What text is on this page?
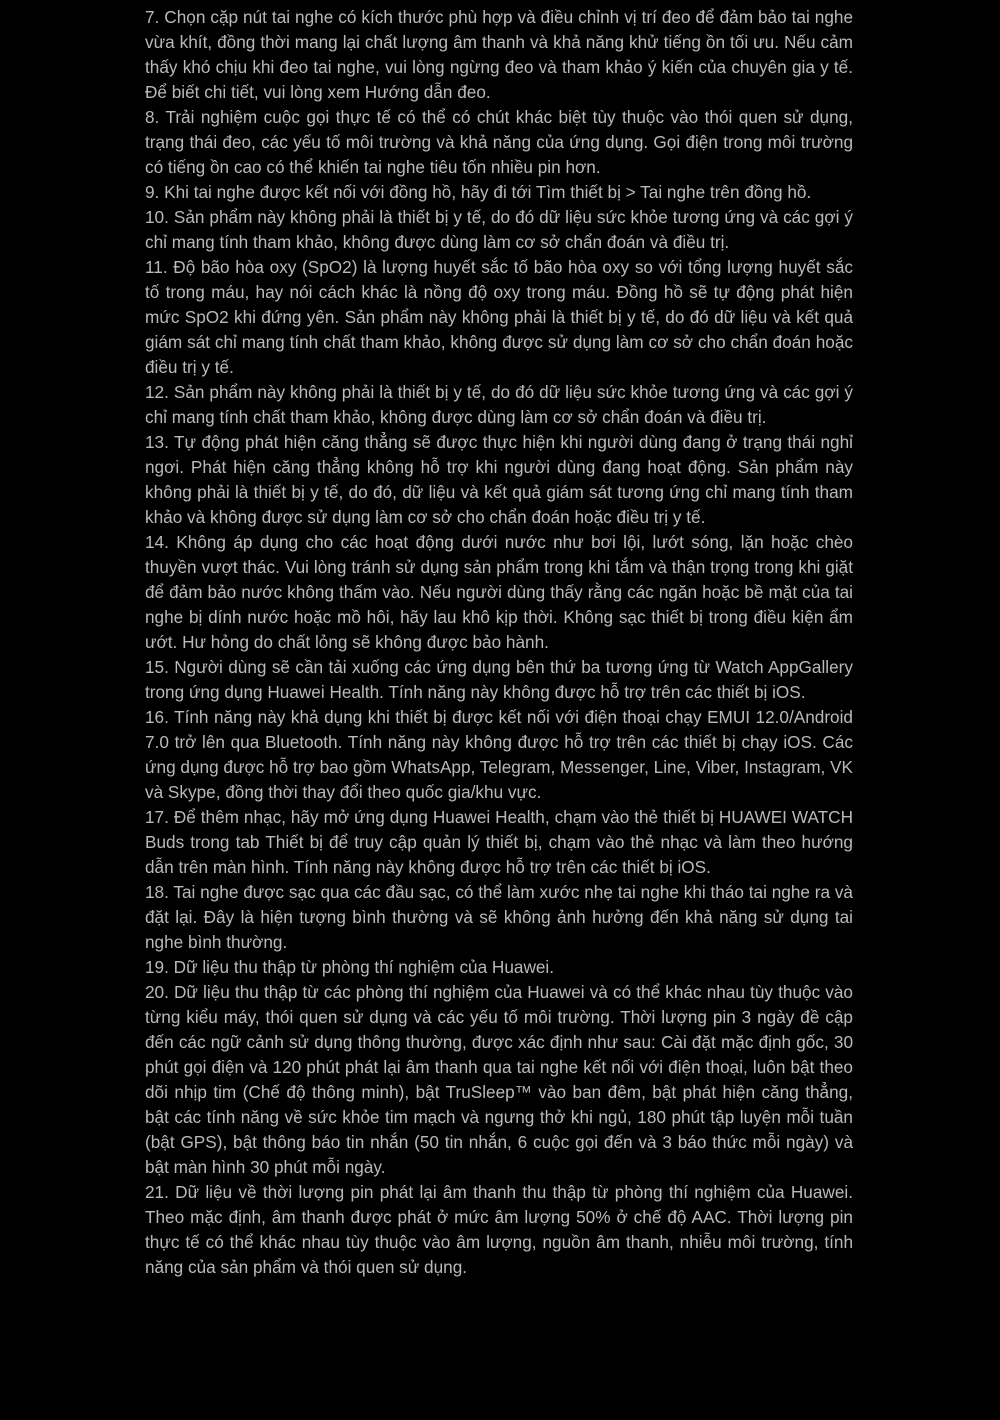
7. Chọn cặp nút tai nghe có kích thước phù hợp và điều chỉnh vị trí đeo để đảm bảo tai nghe vừa khít, đồng thời mang lại chất lượng âm thanh và khả năng khử tiếng ồn tối ưu. Nếu cảm thấy khó chịu khi đeo tai nghe, vui lòng ngừng đeo và tham khảo ý kiến của chuyên gia y tế. Để biết chi tiết, vui lòng xem Hướng dẫn đeo.

8. Trải nghiệm cuộc gọi thực tế có thể có chút khác biệt tùy thuộc vào thói quen sử dụng, trạng thái đeo, các yếu tố môi trường và khả năng của ứng dụng. Gọi điện trong môi trường có tiếng ồn cao có thể khiến tai nghe tiêu tốn nhiều pin hơn.

9. Khi tai nghe được kết nối với đồng hồ, hãy đi tới Tìm thiết bị > Tai nghe trên đồng hồ.

10. Sản phẩm này không phải là thiết bị y tế, do đó dữ liệu sức khỏe tương ứng và các gợi ý chỉ mang tính tham khảo, không được dùng làm cơ sở chẩn đoán và điều trị.

11. Độ bão hòa oxy (SpO2) là lượng huyết sắc tố bão hòa oxy so với tổng lượng huyết sắc tố trong máu, hay nói cách khác là nồng độ oxy trong máu. Đồng hồ sẽ tự động phát hiện mức SpO2 khi đứng yên. Sản phẩm này không phải là thiết bị y tế, do đó dữ liệu và kết quả giám sát chỉ mang tính chất tham khảo, không được sử dụng làm cơ sở cho chẩn đoán hoặc điều trị y tế.

12. Sản phẩm này không phải là thiết bị y tế, do đó dữ liệu sức khỏe tương ứng và các gợi ý chỉ mang tính chất tham khảo, không được dùng làm cơ sở chẩn đoán và điều trị.

13. Tự động phát hiện căng thẳng sẽ được thực hiện khi người dùng đang ở trạng thái nghỉ ngơi. Phát hiện căng thẳng không hỗ trợ khi người dùng đang hoạt động. Sản phẩm này không phải là thiết bị y tế, do đó, dữ liệu và kết quả giám sát tương ứng chỉ mang tính tham khảo và không được sử dụng làm cơ sở cho chẩn đoán hoặc điều trị y tế.

14. Không áp dụng cho các hoạt động dưới nước như bơi lội, lướt sóng, lặn hoặc chèo thuyền vượt thác. Vui lòng tránh sử dụng sản phẩm trong khi tắm và thận trọng trong khi giặt để đảm bảo nước không thấm vào. Nếu người dùng thấy rằng các ngăn hoặc bề mặt của tai nghe bị dính nước hoặc mồ hôi, hãy lau khô kịp thời. Không sạc thiết bị trong điều kiện ẩm ướt. Hư hỏng do chất lỏng sẽ không được bảo hành.

15. Người dùng sẽ cần tải xuống các ứng dụng bên thứ ba tương ứng từ Watch AppGallery trong ứng dụng Huawei Health. Tính năng này không được hỗ trợ trên các thiết bị iOS.

16. Tính năng này khả dụng khi thiết bị được kết nối với điện thoại chạy EMUI 12.0/Android 7.0 trở lên qua Bluetooth. Tính năng này không được hỗ trợ trên các thiết bị chạy iOS. Các ứng dụng được hỗ trợ bao gồm WhatsApp, Telegram, Messenger, Line, Viber, Instagram, VK và Skype, đồng thời thay đổi theo quốc gia/khu vực.

17. Để thêm nhạc, hãy mở ứng dụng Huawei Health, chạm vào thẻ thiết bị HUAWEI WATCH Buds trong tab Thiết bị để truy cập quản lý thiết bị, chạm vào thẻ nhạc và làm theo hướng dẫn trên màn hình. Tính năng này không được hỗ trợ trên các thiết bị iOS.

18. Tai nghe được sạc qua các đầu sạc, có thể làm xước nhẹ tai nghe khi tháo tai nghe ra và đặt lại. Đây là hiện tượng bình thường và sẽ không ảnh hưởng đến khả năng sử dụng tai nghe bình thường.

19. Dữ liệu thu thập từ phòng thí nghiệm của Huawei.

20. Dữ liệu thu thập từ các phòng thí nghiệm của Huawei và có thể khác nhau tùy thuộc vào từng kiểu máy, thói quen sử dụng và các yếu tố môi trường. Thời lượng pin 3 ngày đề cập đến các ngữ cảnh sử dụng thông thường, được xác định như sau: Cài đặt mặc định gốc, 30 phút gọi điện và 120 phút phát lại âm thanh qua tai nghe kết nối với điện thoại, luôn bật theo dõi nhịp tim (Chế độ thông minh), bật TruSleep™ vào ban đêm, bật phát hiện căng thẳng, bật các tính năng về sức khỏe tim mạch và ngưng thở khi ngủ, 180 phút tập luyện mỗi tuần (bật GPS), bật thông báo tin nhắn (50 tin nhắn, 6 cuộc gọi đến và 3 báo thức mỗi ngày) và bật màn hình 30 phút mỗi ngày.

21. Dữ liệu về thời lượng pin phát lại âm thanh thu thập từ phòng thí nghiệm của Huawei. Theo mặc định, âm thanh được phát ở mức âm lượng 50% ở chế độ AAC. Thời lượng pin thực tế có thể khác nhau tùy thuộc vào âm lượng, nguồn âm thanh, nhiễu môi trường, tính năng của sản phẩm và thói quen sử dụng.
